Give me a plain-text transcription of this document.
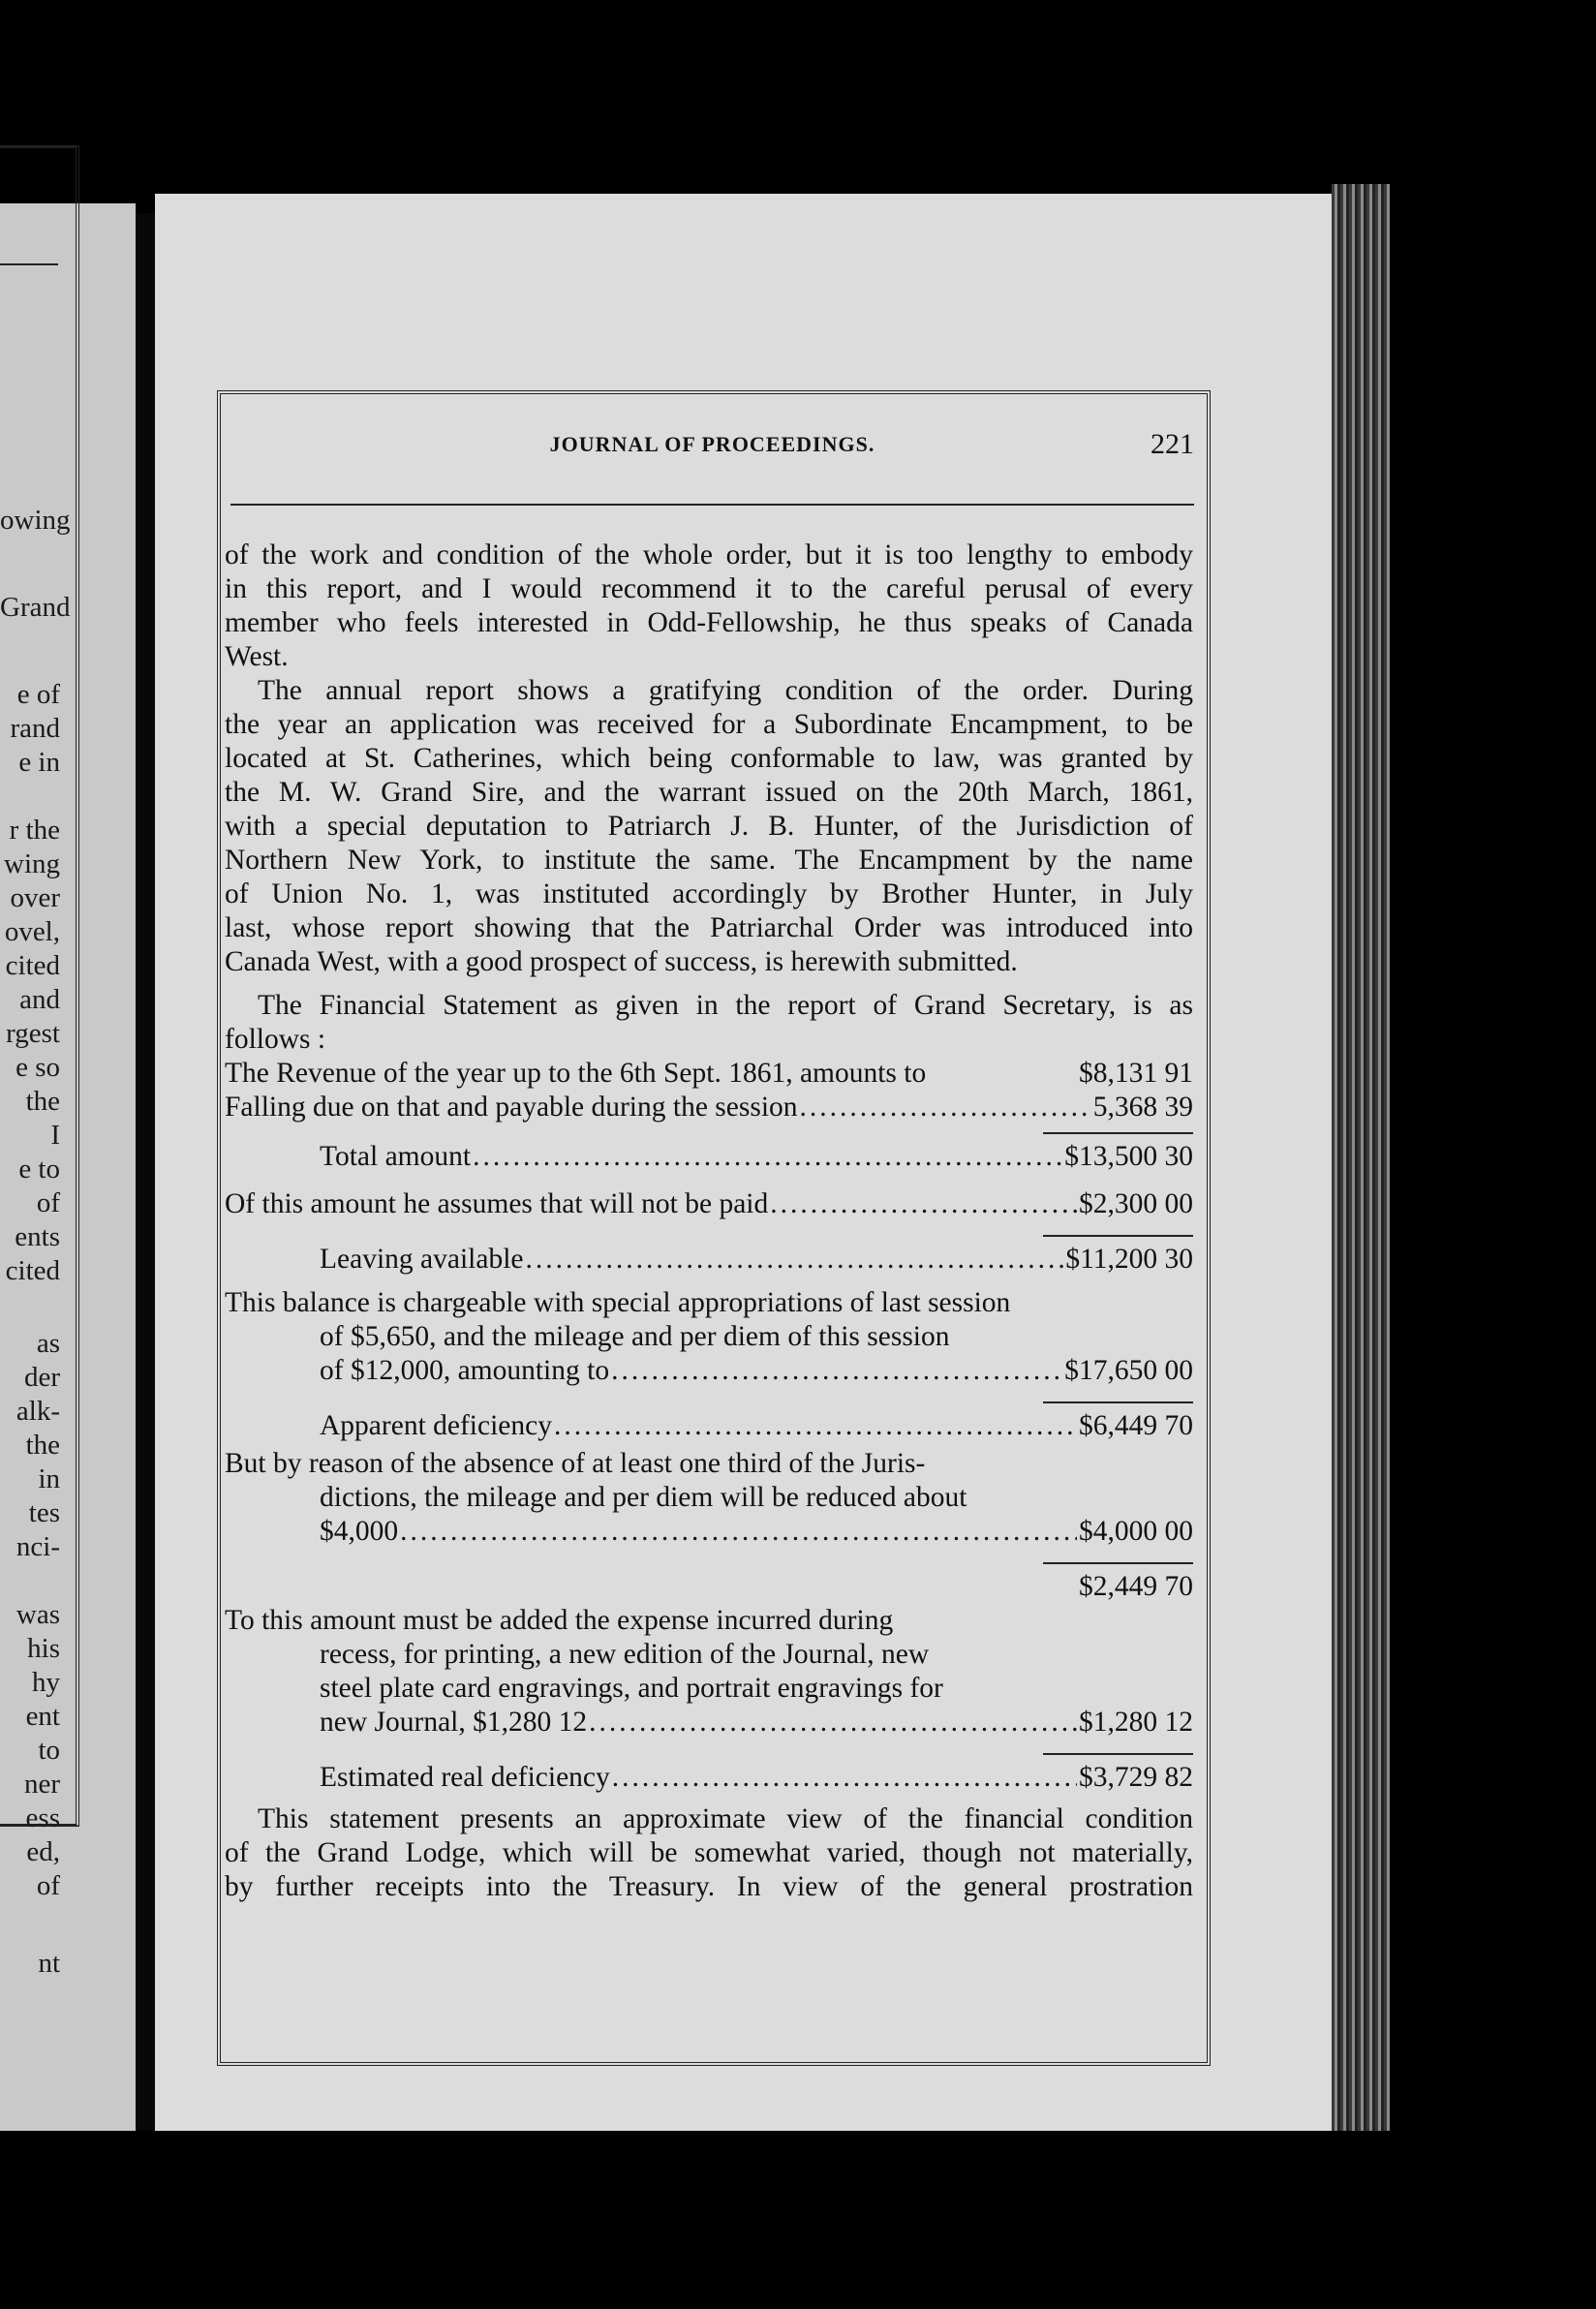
owing
Grand
e of
rand
e in
r the
wing
over
ovel,
cited
and
rgest
e so
the
I
e to
of
ents
cited
as
der
alk-
the
in
tes
nci-
was
his
hy
ent
to
ner
ess
ed,
of
nt
JOURNAL OF PROCEEDINGS.	221

of the work and condition of the whole order, but it is too lengthy to embody

in this report, and I would recommend it to the careful perusal of every

member who feels interested in Odd-Fellowship, he thus speaks of Canada

West.

The annual report shows a gratifying condition of the order. During

the year an application was received for a Subordinate Encampment, to be

located at St. Catherines, which being conformable to law, was granted by

the M. W. Grand Sire, and the warrant issued on the 20th March, 1861,

with a special deputation to Patriarch J. B. Hunter, of the Jurisdiction of

Northern New York, to institute the same. The Encampment by the name

of Union No. 1, was instituted accordingly by Brother Hunter, in July

last, whose report showing that the Patriarchal Order was introduced into

Canada West, with a good prospect of success, is herewith submitted.

The Financial Statement as given in the report of Grand Secretary, is as

follows :

The Revenue of the year up to the 6th Sept. 1861, amounts to	$8,131 91
Falling due on that and payable during the session .....	5,368 39
Total amount .....	$13,500 30
Of this amount he assumes that will not be paid .....	$2,300 00
Leaving available .....	$11,200 30
This balance is chargeable with special appropriations of last session
of $5,650, and the mileage and per diem of this session
of $12,000, amounting to .....	$17,650 00
Apparent deficiency .....	$6,449 70
But by reason of the absence of at least one third of the Juris-
dictions, the mileage and per diem will be reduced about
$4,000 .....	$4,000 00
$2,449 70
To this amount must be added the expense incurred during
recess, for printing, a new edition of the Journal, new
steel plate card engravings, and portrait engravings for
new Journal, $1,280 12 .....	$1,280 12
Estimated real deficiency .....	$3,729 82

This statement presents an approximate view of the financial condition

of the Grand Lodge, which will be somewhat varied, though not materially,

by further receipts into the Treasury. In view of the general prostration
